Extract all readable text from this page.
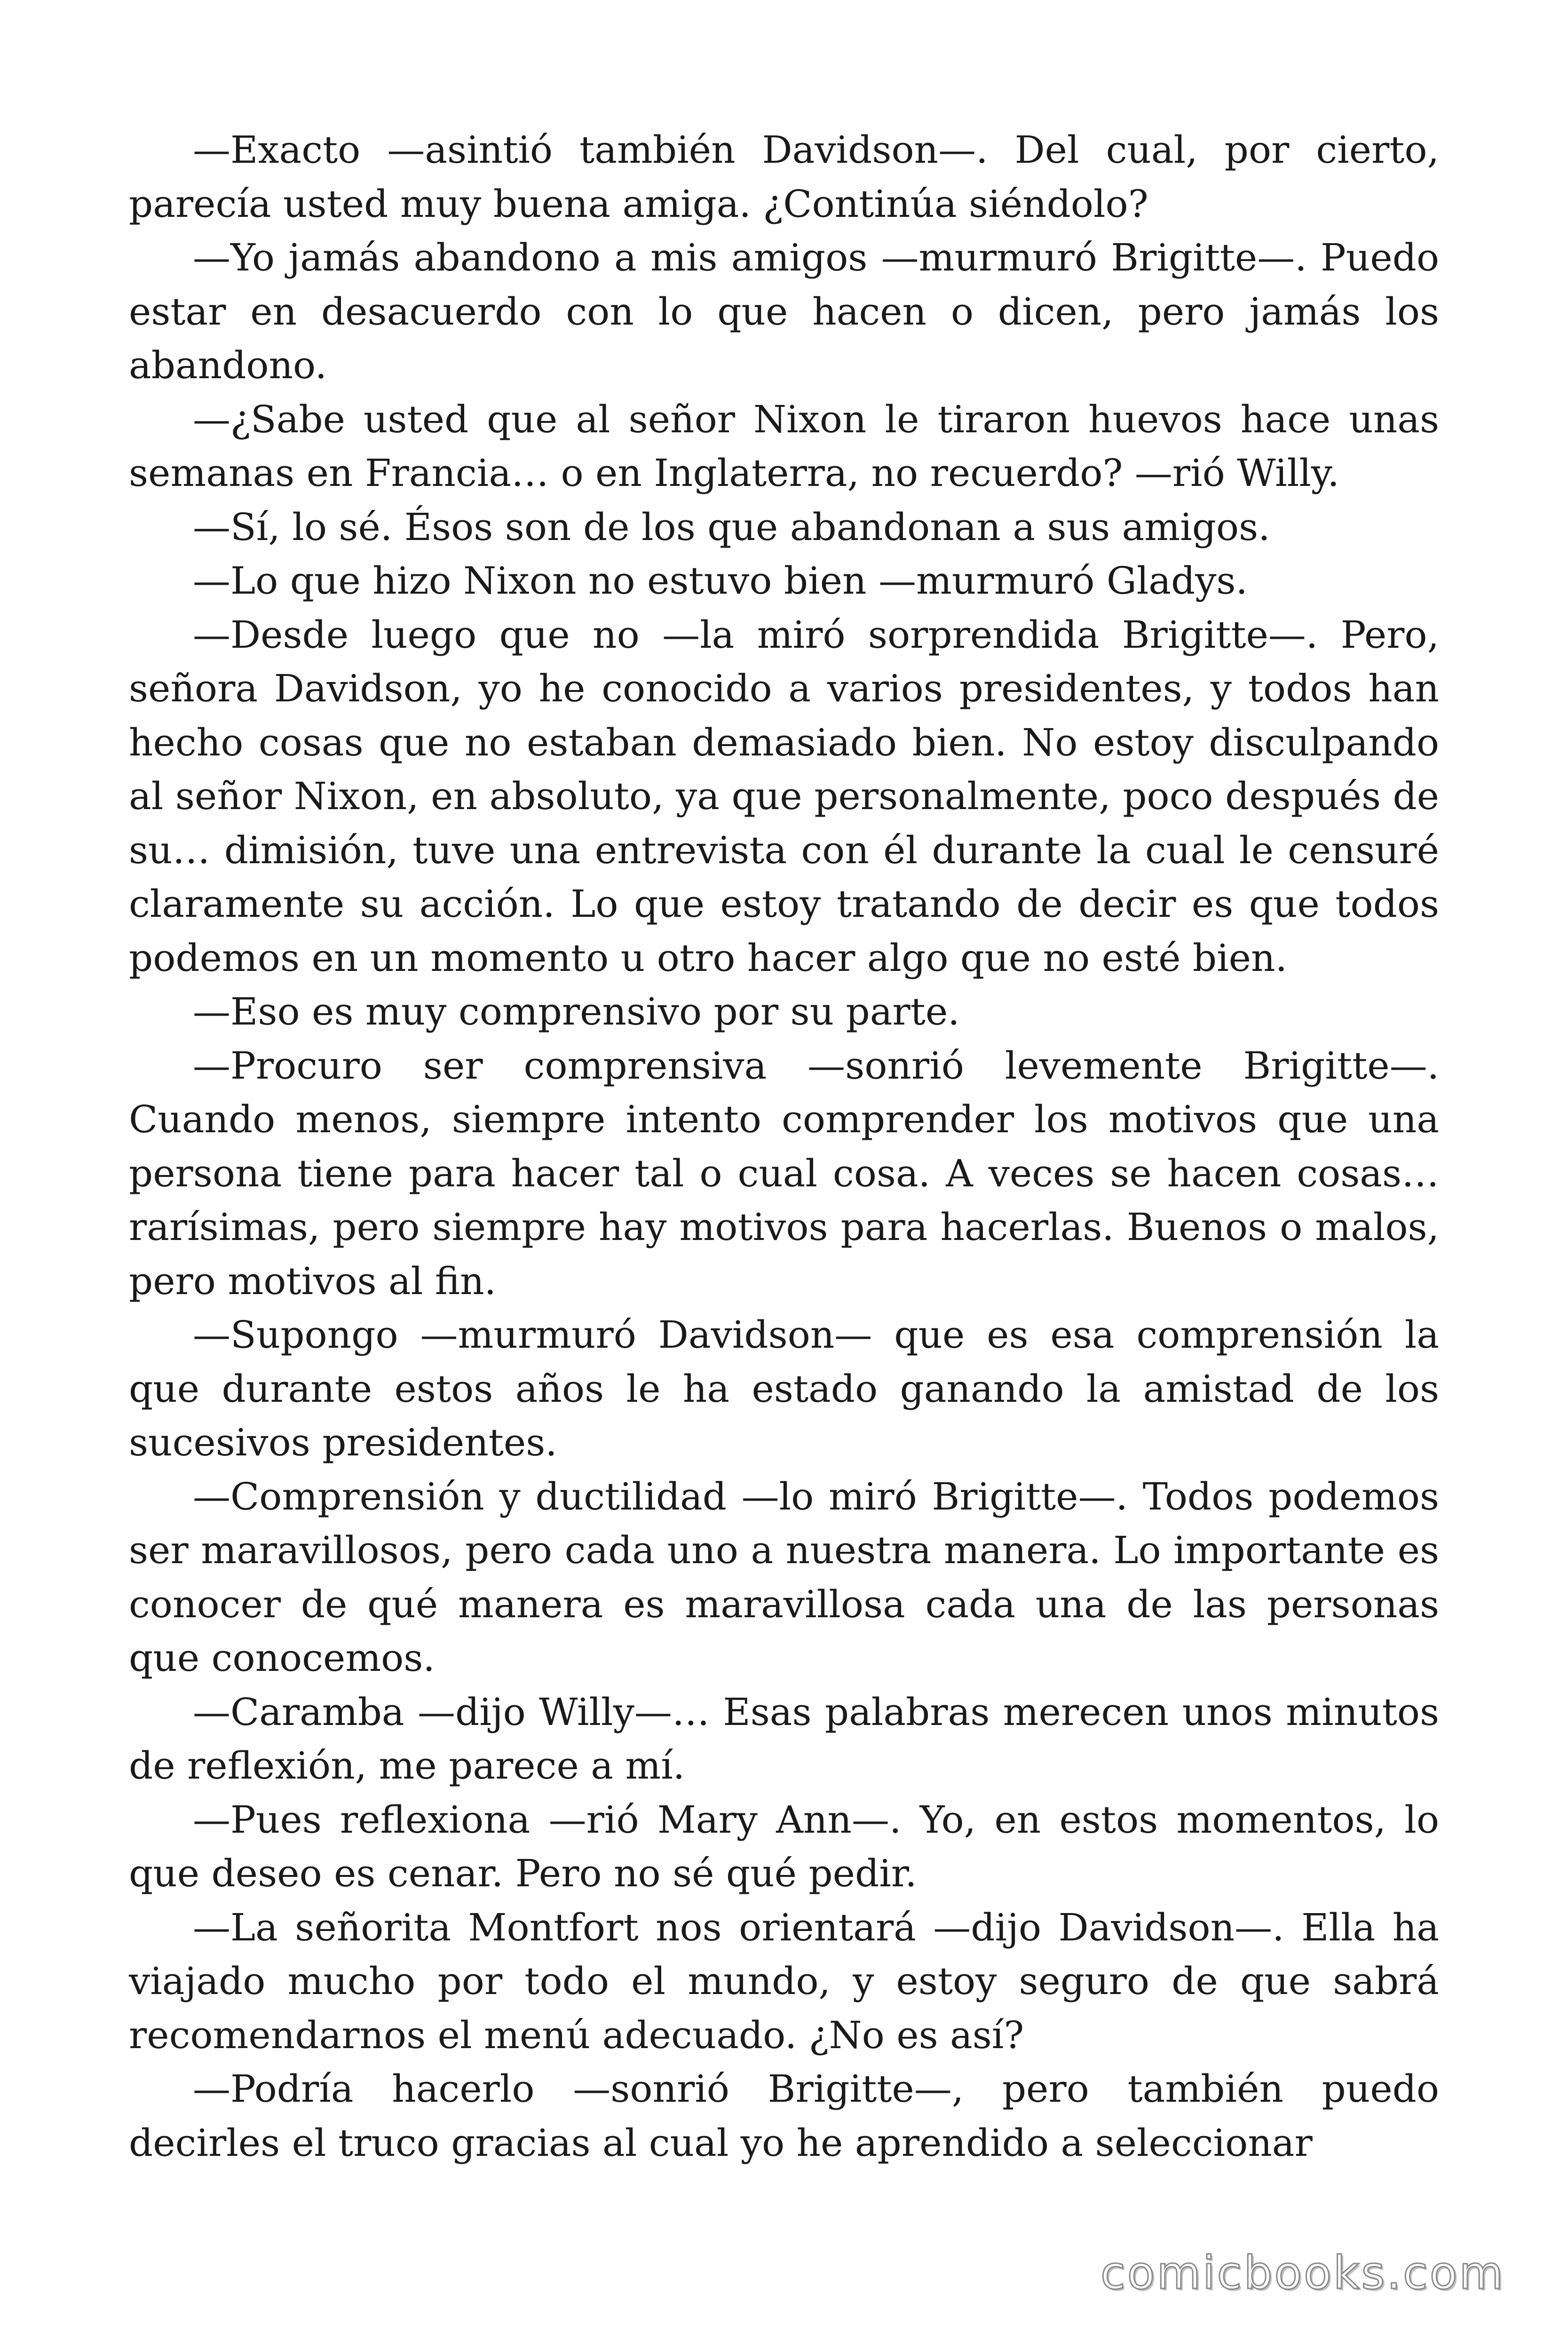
—Exacto —asintió también Davidson—. Del cual, por cierto, parecía usted muy buena amiga. ¿Continúa siéndolo?

—Yo jamás abandono a mis amigos —murmuró Brigitte—. Puedo estar en desacuerdo con lo que hacen o dicen, pero jamás los abandono.

—¿Sabe usted que al señor Nixon le tiraron huevos hace unas semanas en Francia… o en Inglaterra, no recuerdo? —rió Willy.

—Sí, lo sé. Ésos son de los que abandonan a sus amigos.

—Lo que hizo Nixon no estuvo bien —murmuró Gladys.

—Desde luego que no —la miró sorprendida Brigitte—. Pero, señora Davidson, yo he conocido a varios presidentes, y todos han hecho cosas que no estaban demasiado bien. No estoy disculpando al señor Nixon, en absoluto, ya que personalmente, poco después de su… dimisión, tuve una entrevista con él durante la cual le censuré claramente su acción. Lo que estoy tratando de decir es que todos podemos en un momento u otro hacer algo que no esté bien.

—Eso es muy comprensivo por su parte.

—Procuro ser comprensiva —sonrió levemente Brigitte—. Cuando menos, siempre intento comprender los motivos que una persona tiene para hacer tal o cual cosa. A veces se hacen cosas… rarísimas, pero siempre hay motivos para hacerlas. Buenos o malos, pero motivos al fin.

—Supongo —murmuró Davidson— que es esa comprensión la que durante estos años le ha estado ganando la amistad de los sucesivos presidentes.

—Comprensión y ductilidad —lo miró Brigitte—. Todos podemos ser maravillosos, pero cada uno a nuestra manera. Lo importante es conocer de qué manera es maravillosa cada una de las personas que conocemos.

—Caramba —dijo Willy—… Esas palabras merecen unos minutos de reflexión, me parece a mí.

—Pues reflexiona —rió Mary Ann—. Yo, en estos momentos, lo que deseo es cenar. Pero no sé qué pedir.

—La señorita Montfort nos orientará —dijo Davidson—. Ella ha viajado mucho por todo el mundo, y estoy seguro de que sabrá recomendarnos el menú adecuado. ¿No es así?

—Podría hacerlo —sonrió Brigitte—, pero también puedo decirles el truco gracias al cual yo he aprendido a seleccionar

comicbooks.com
